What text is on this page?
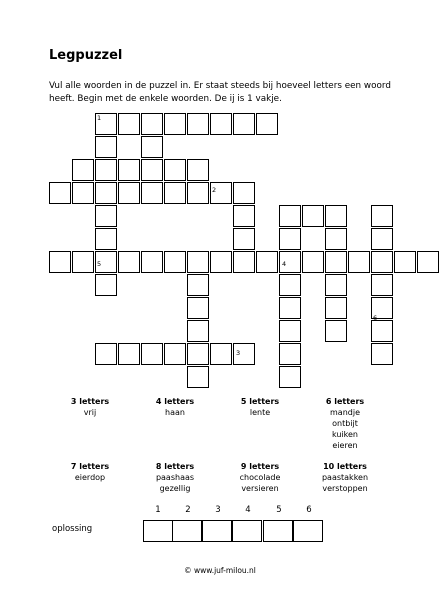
Legpuzzel
Vul alle woorden in de puzzel in. Er staat steeds bij hoeveel letters een woord heeft. Begin met de enkele woorden. De ij is 1 vakje.
1
2
5	4
6
3
3 letters
vrij
4 letters
haan
5 letters
lente
6 letters
mandje
ontbijt
kuiken
eieren
7 letters
eierdop
8 letters
paashaas
gezellig
9 letters
chocolade
versieren
10 letters
paastakken
verstoppen
oplossing
1	2	3	4	5	6
© www.juf-milou.nl
